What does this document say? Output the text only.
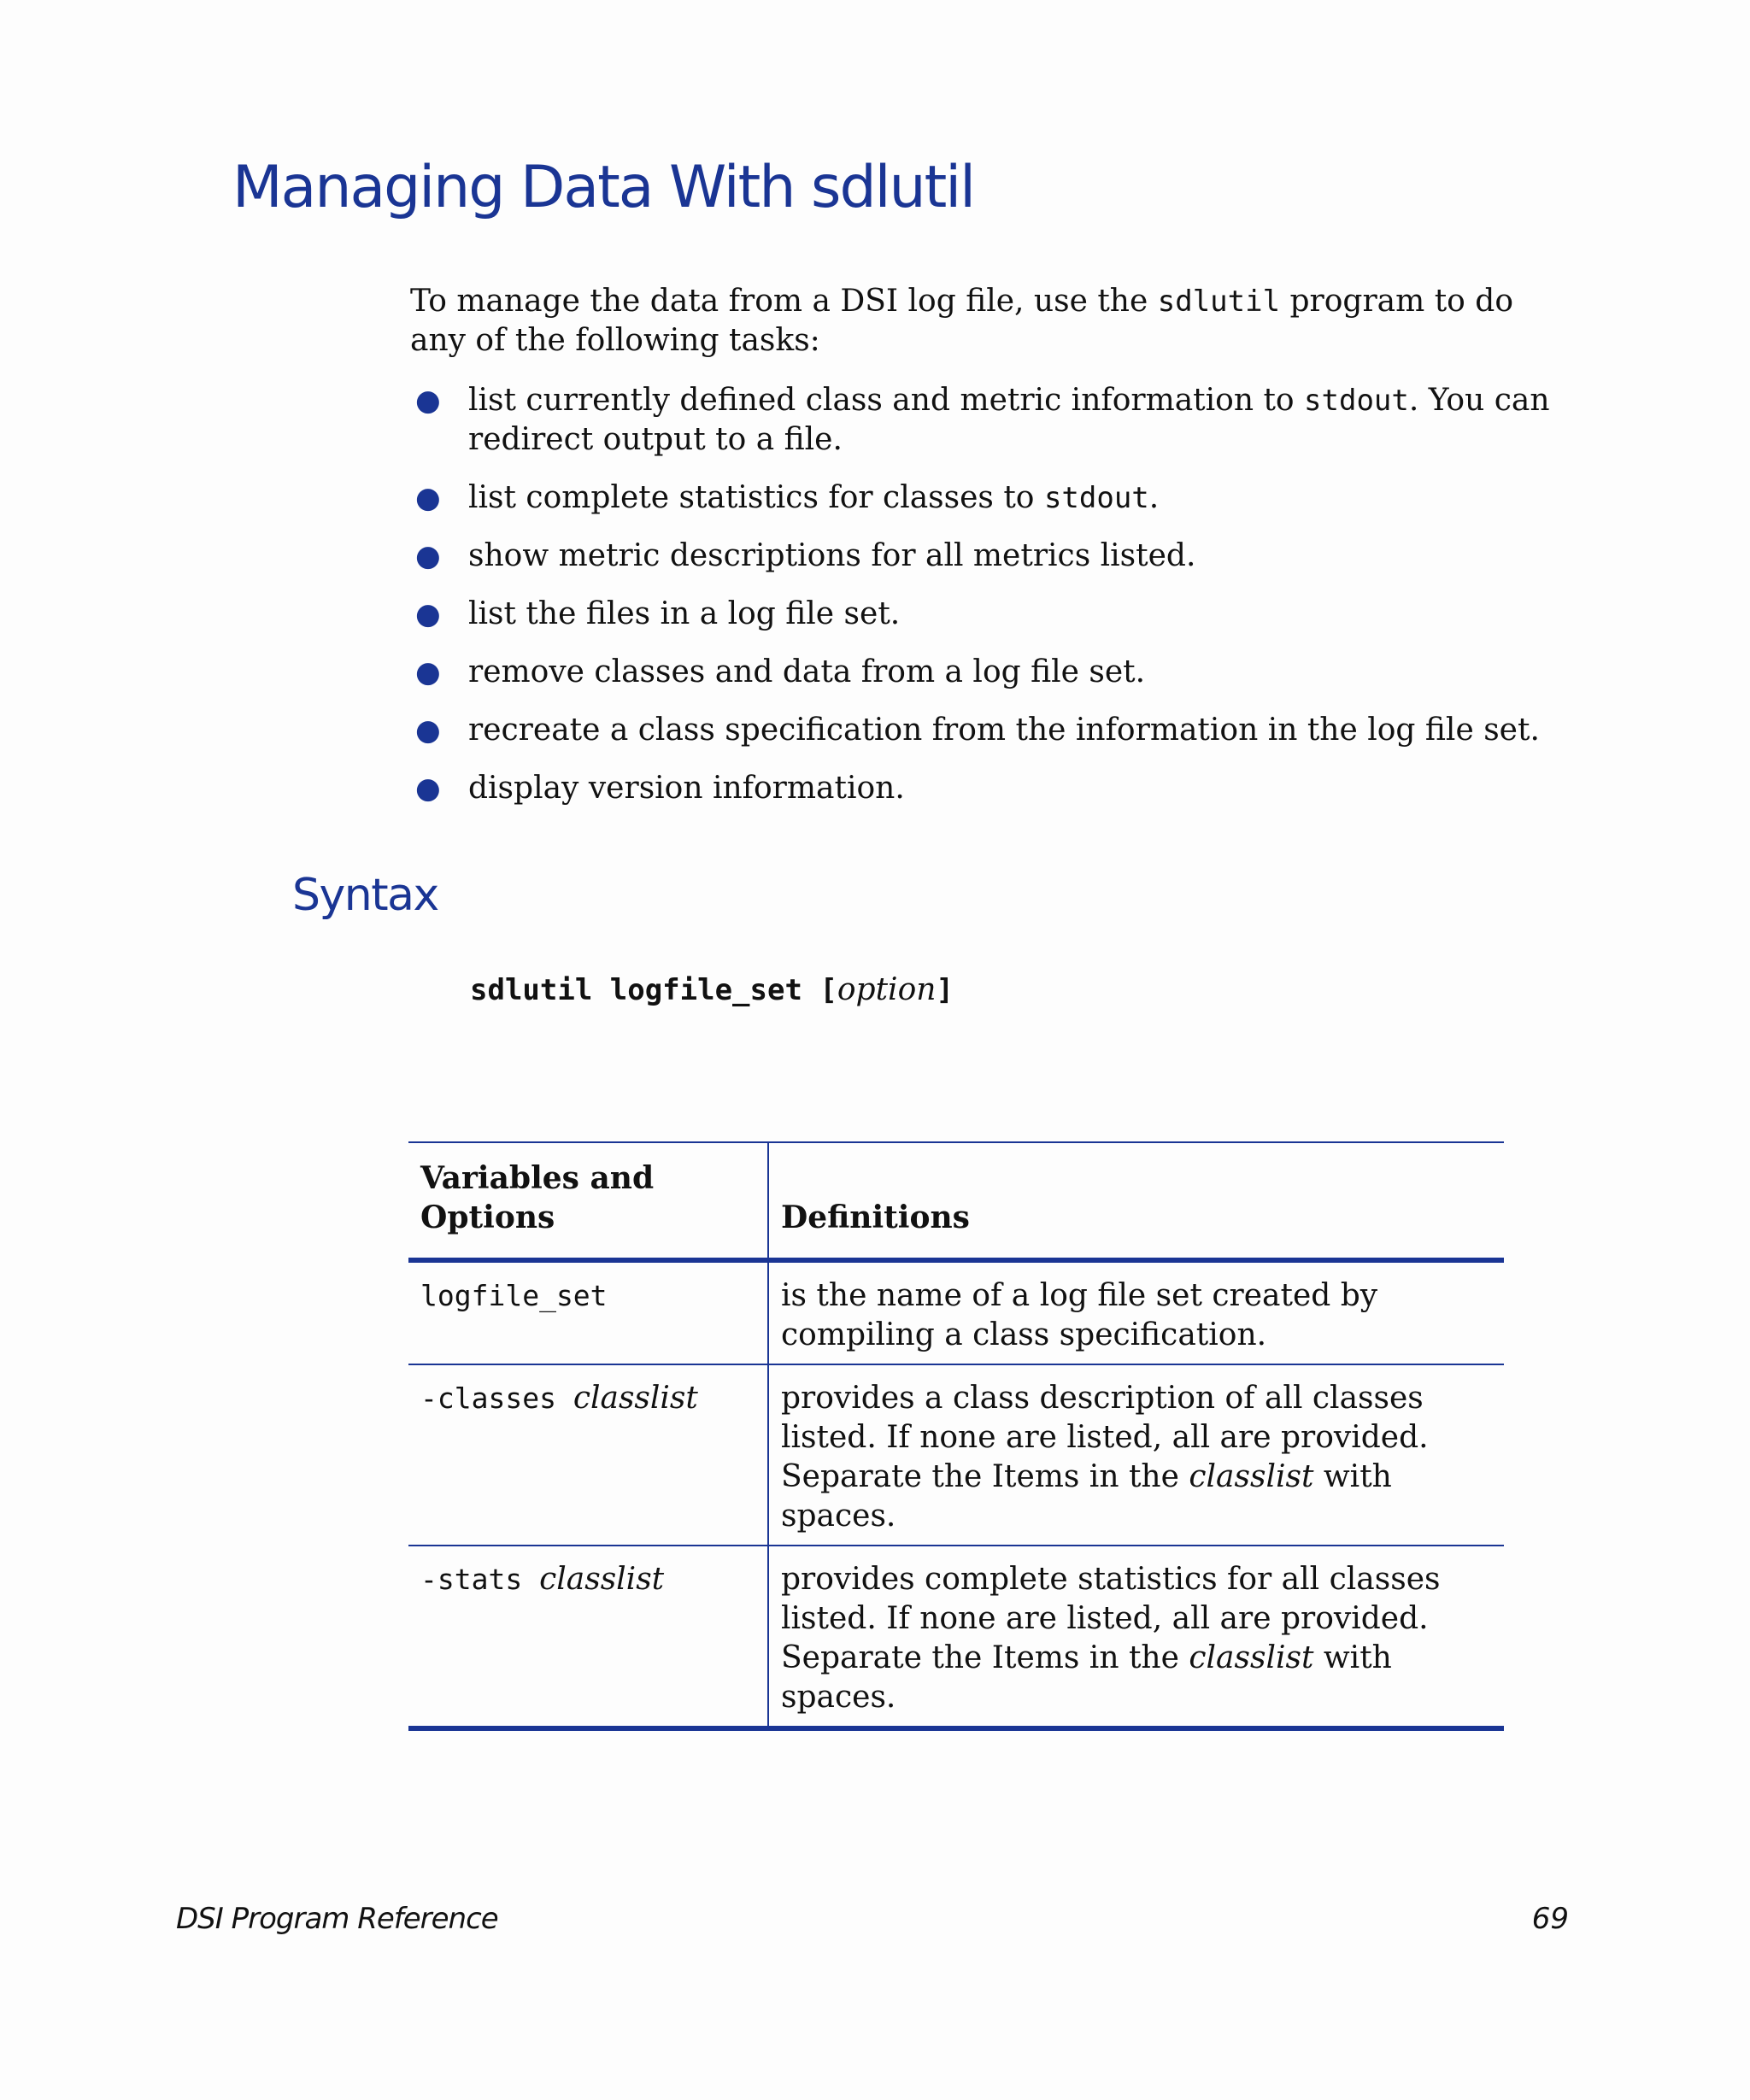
Managing Data With sdlutil

To manage the data from a DSI log file, use the sdlutil program to do any of the following tasks:

● list currently defined class and metric information to stdout. You can redirect output to a file.
● list complete statistics for classes to stdout.
● show metric descriptions for all metrics listed.
● list the files in a log file set.
● remove classes and data from a log file set.
● recreate a class specification from the information in the log file set.
● display version information.
Syntax
sdlutil logfile_set [option]
Variables and Options	Definitions
logfile_set	is the name of a log file set created by compiling a class specification.
-classes classlist	provides a class description of all classes listed. If none are listed, all are provided. Separate the Items in the classlist with spaces.
-stats classlist	provides complete statistics for all classes listed. If none are listed, all are provided. Separate the Items in the classlist with spaces.
DSI Program Reference	69
